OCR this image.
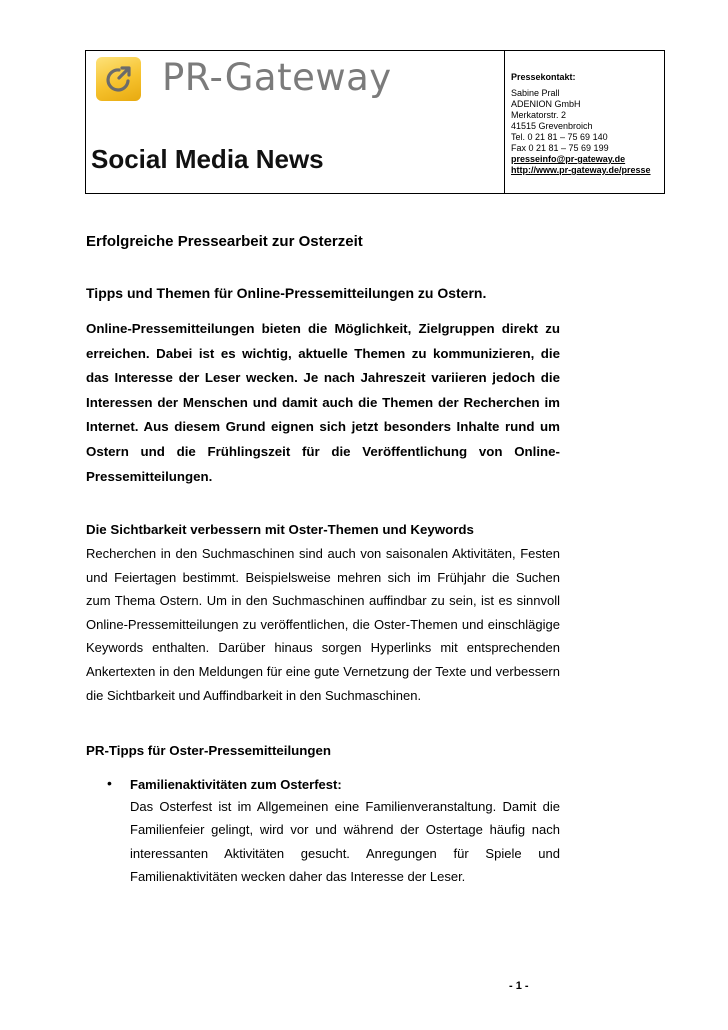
PR-Gateway
Social Media News
Pressekontakt:
Sabine Prall
ADENION GmbH
Merkatorstr. 2
41515 Grevenbroich
Tel. 0 21 81 – 75 69 140
Fax 0 21 81 – 75 69 199
presseinfo@pr-gateway.de
http://www.pr-gateway.de/presse
Erfolgreiche Pressearbeit zur Osterzeit
Tipps und Themen für Online-Pressemitteilungen zu Ostern.
Online-Pressemitteilungen bieten die Möglichkeit, Zielgruppen direkt zu erreichen. Dabei ist es wichtig, aktuelle Themen zu kommunizieren, die das Interesse der Leser wecken. Je nach Jahreszeit variieren jedoch die Interessen der Menschen und damit auch die Themen der Recherchen im Internet. Aus diesem Grund eignen sich jetzt besonders Inhalte rund um Ostern und die Frühlingszeit für die Veröffentlichung von Online-Pressemitteilungen.
Die Sichtbarkeit verbessern mit Oster-Themen und Keywords
Recherchen in den Suchmaschinen sind auch von saisonalen Aktivitäten, Festen und Feiertagen bestimmt. Beispielsweise mehren sich im Frühjahr die Suchen zum Thema Ostern. Um in den Suchmaschinen auffindbar zu sein, ist es sinnvoll Online-Pressemitteilungen zu veröffentlichen, die Oster-Themen und einschlägige Keywords enthalten. Darüber hinaus sorgen Hyperlinks mit entsprechenden Ankertexten in den Meldungen für eine gute Vernetzung der Texte und verbessern die Sichtbarkeit und Auffindbarkeit in den Suchmaschinen.
PR-Tipps für Oster-Pressemitteilungen
• Familienaktivitäten zum Osterfest:
Das Osterfest ist im Allgemeinen eine Familienveranstaltung. Damit die Familienfeier gelingt, wird vor und während der Ostertage häufig nach interessanten Aktivitäten gesucht. Anregungen für Spiele und Familienaktivitäten wecken daher das Interesse der Leser.
- 1 -
